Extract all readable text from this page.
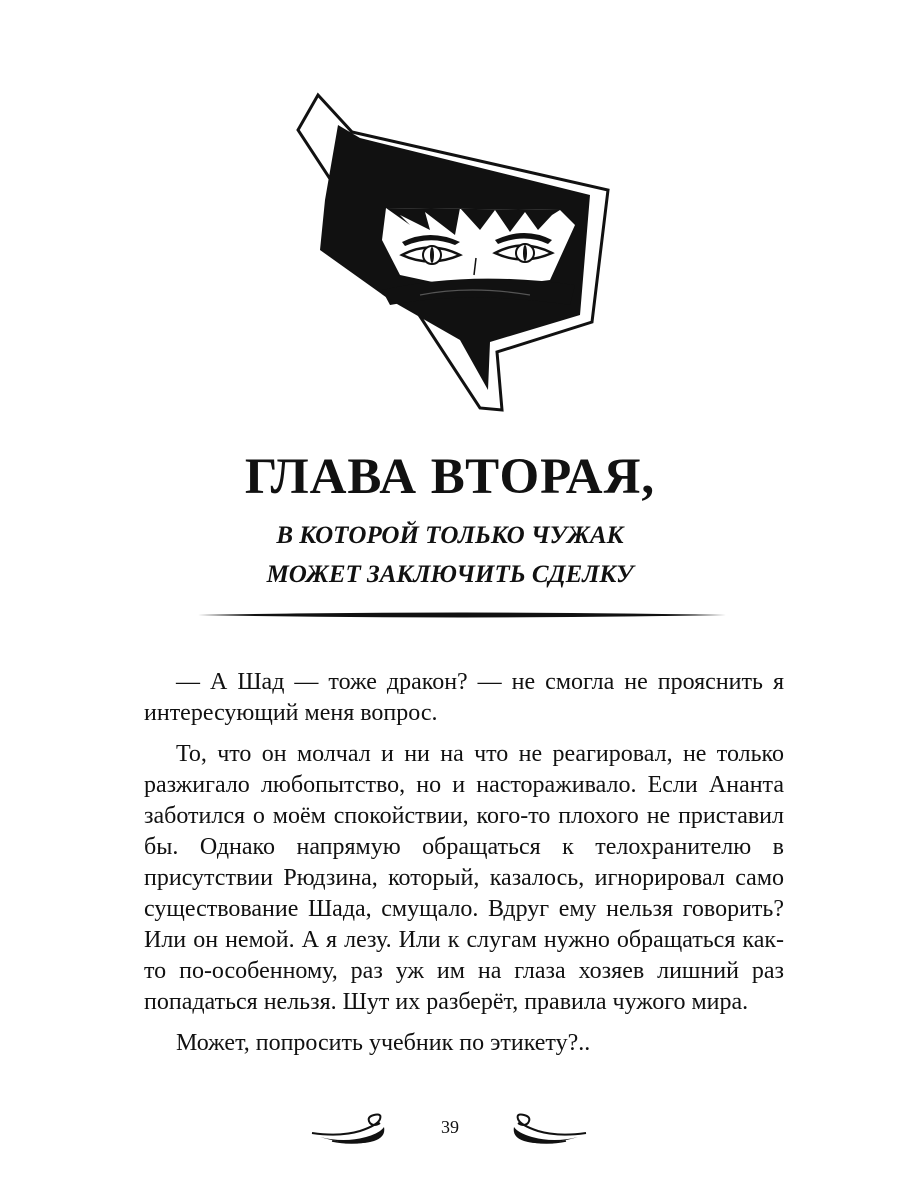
ГЛАВА ВТОРАЯ,
В КОТОРОЙ ТОЛЬКО ЧУЖАК
МОЖЕТ ЗАКЛЮЧИТЬ СДЕЛКУ

— А Шад — тоже дракон? — не смогла не прояснить я интересующий меня вопрос.

То, что он молчал и ни на что не реагировал, не только разжигало любопытство, но и настораживало. Если Ананта заботился о моём спокойствии, кого-то плохого не приставил бы. Однако напрямую обращаться к телохранителю в присутствии Рюдзина, который, казалось, игнорировал само существование Шада, смущало. Вдруг ему нельзя говорить? Или он немой. А я лезу. Или к слугам нужно обращаться как-то по-особенному, раз уж им на глаза хозяев лишний раз попадаться нельзя. Шут их разберёт, правила чужого мира.

Может, попросить учебник по этикету?..

39
